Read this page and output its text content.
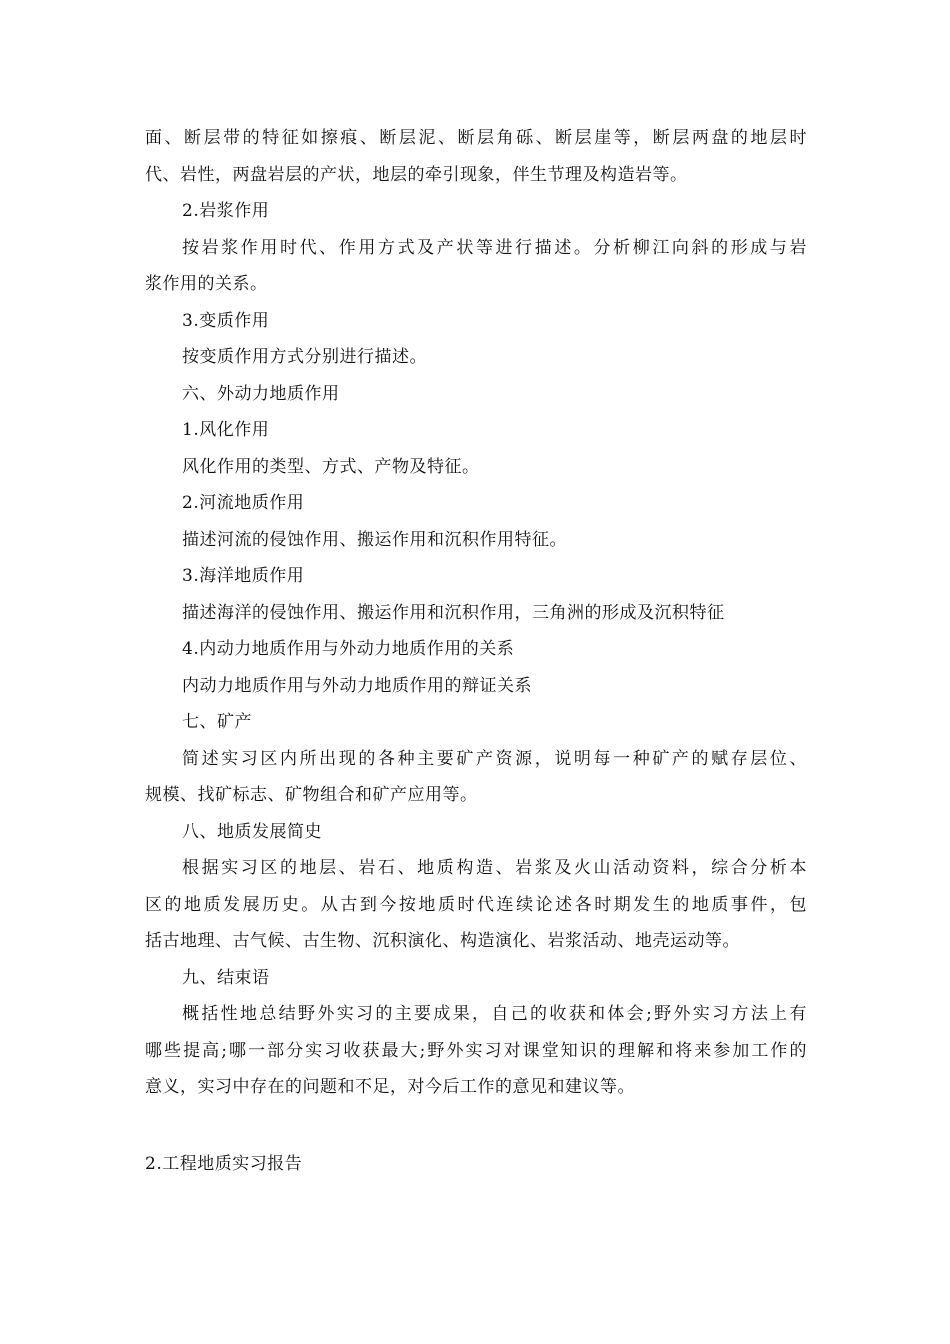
面、断层带的特征如擦痕、断层泥、断层角砾、断层崖等，断层两盘的地层时
代、岩性，两盘岩层的产状，地层的牵引现象，伴生节理及构造岩等。
2.岩浆作用
按岩浆作用时代、作用方式及产状等进行描述。分析柳江向斜的形成与岩
浆作用的关系。
3.变质作用
按变质作用方式分别进行描述。
六、外动力地质作用
1.风化作用
风化作用的类型、方式、产物及特征。
2.河流地质作用
描述河流的侵蚀作用、搬运作用和沉积作用特征。
3.海洋地质作用
描述海洋的侵蚀作用、搬运作用和沉积作用，三角洲的形成及沉积特征
4.内动力地质作用与外动力地质作用的关系
内动力地质作用与外动力地质作用的辩证关系
七、矿产
简述实习区内所出现的各种主要矿产资源，说明每一种矿产的赋存层位、
规模、找矿标志、矿物组合和矿产应用等。
八、地质发展简史
根据实习区的地层、岩石、地质构造、岩浆及火山活动资料，综合分析本
区的地质发展历史。从古到今按地质时代连续论述各时期发生的地质事件，包
括古地理、古气候、古生物、沉积演化、构造演化、岩浆活动、地壳运动等。
九、结束语
概括性地总结野外实习的主要成果，自己的收获和体会;野外实习方法上有
哪些提高;哪一部分实习收获最大;野外实习对课堂知识的理解和将来参加工作的
意义，实习中存在的问题和不足，对今后工作的意见和建议等。
2.工程地质实习报告
